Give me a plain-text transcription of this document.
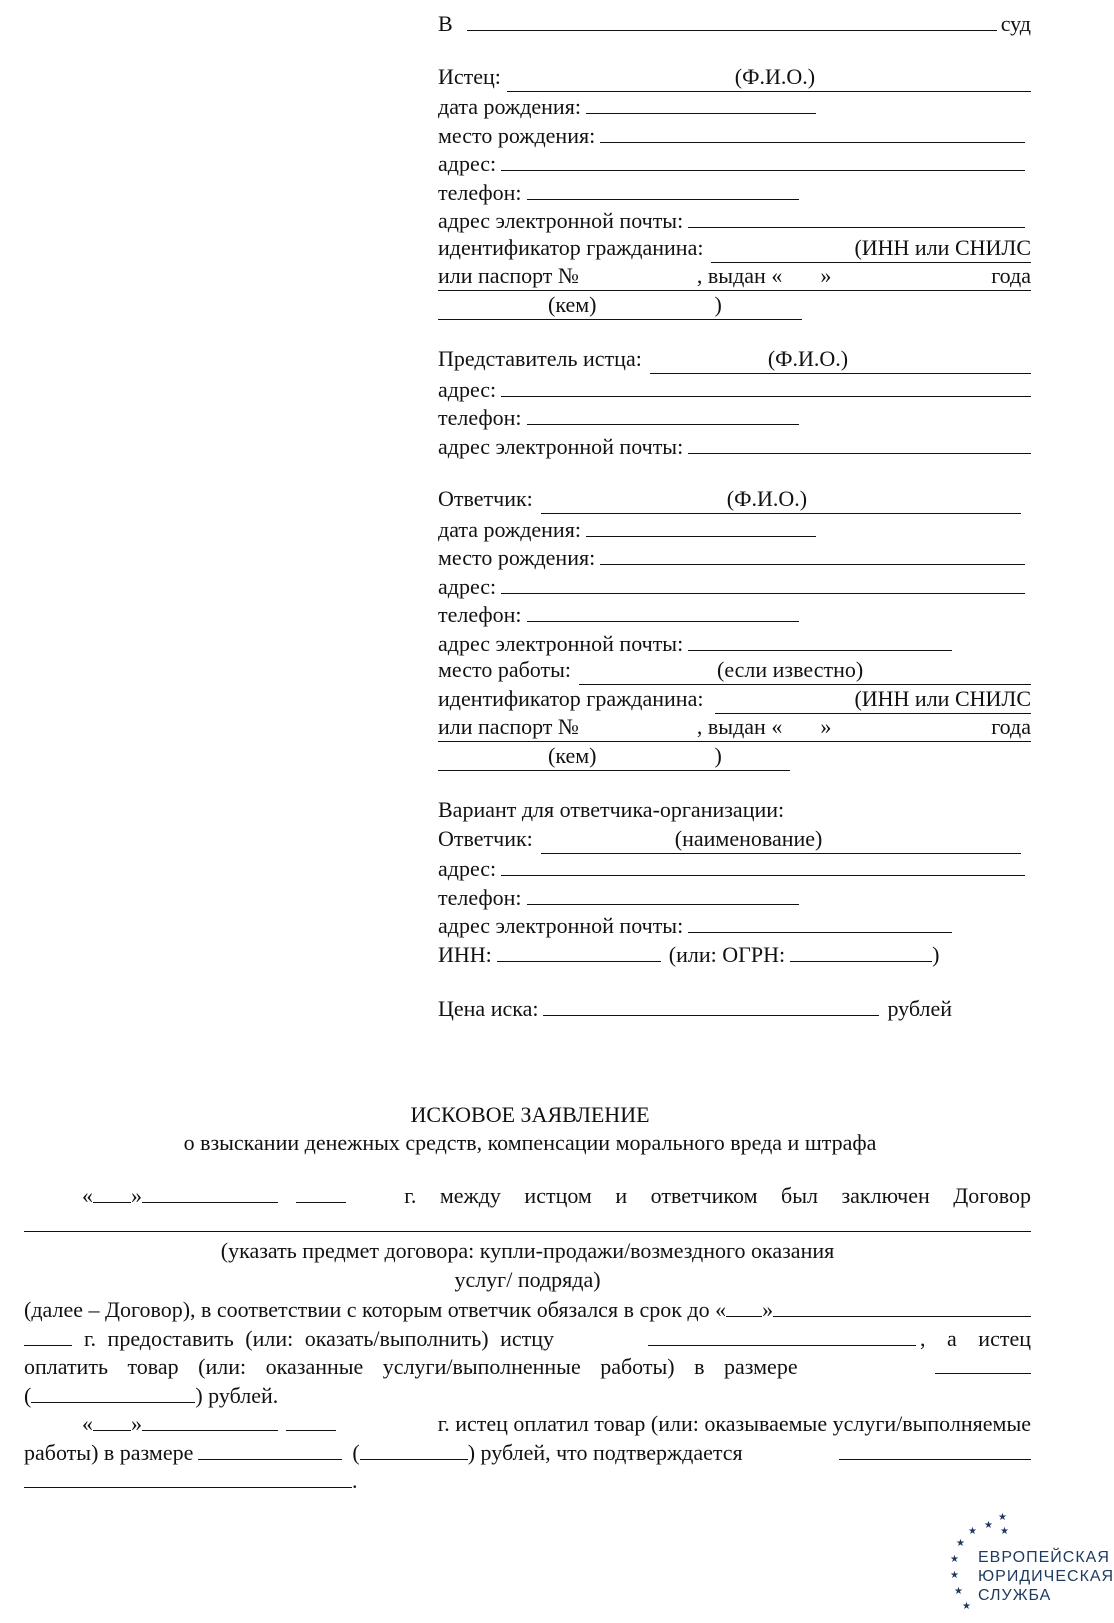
В	суд
Истец:	(Ф.И.О.)
дата рождения:
место рождения:
адрес:
телефон:
адрес электронной почты:
идентификатор гражданина:	(ИНН или СНИЛС
или паспорт №	, выдан « »	года
(кем)	)
Представитель истца:	(Ф.И.О.)
адрес:
телефон:
адрес электронной почты:
Ответчик:	(Ф.И.О.)
дата рождения:
место рождения:
адрес:
телефон:
адрес электронной почты:
место работы:	(если известно)
идентификатор гражданина:	(ИНН или СНИЛС
или паспорт №	, выдан « »	года
(кем)	)
Вариант для ответчика-организации:
Ответчик:	(наименование)
адрес:
телефон:
адрес электронной почты:
ИНН:	(или: ОГРН:	)
Цена иска:	рублей
ИСКОВОЕ ЗАЯВЛЕНИЕ
о взыскании денежных средств, компенсации морального вреда и штрафа
« »	г. между истцом и ответчиком был заключен Договор
(указать предмет договора: купли-продажи/возмездного оказания
услуг/ подряда)
(далее – Договор), в соответствии с которым ответчик обязался в срок до « »
г. предоставить (или: оказать/выполнить) истцу	, а истец
оплатить товар (или: оказанные услуги/выполненные работы) в размере
(	) рублей.
« »	г. истец оплатил товар (или: оказываемые услуги/выполняемые
работы) в размере	(	) рублей, что подтверждается
.
★
★
★
★
★
★
★
★
★
ЕВРОПЕЙСКАЯ
ЮРИДИЧЕСКАЯ
СЛУЖБА
